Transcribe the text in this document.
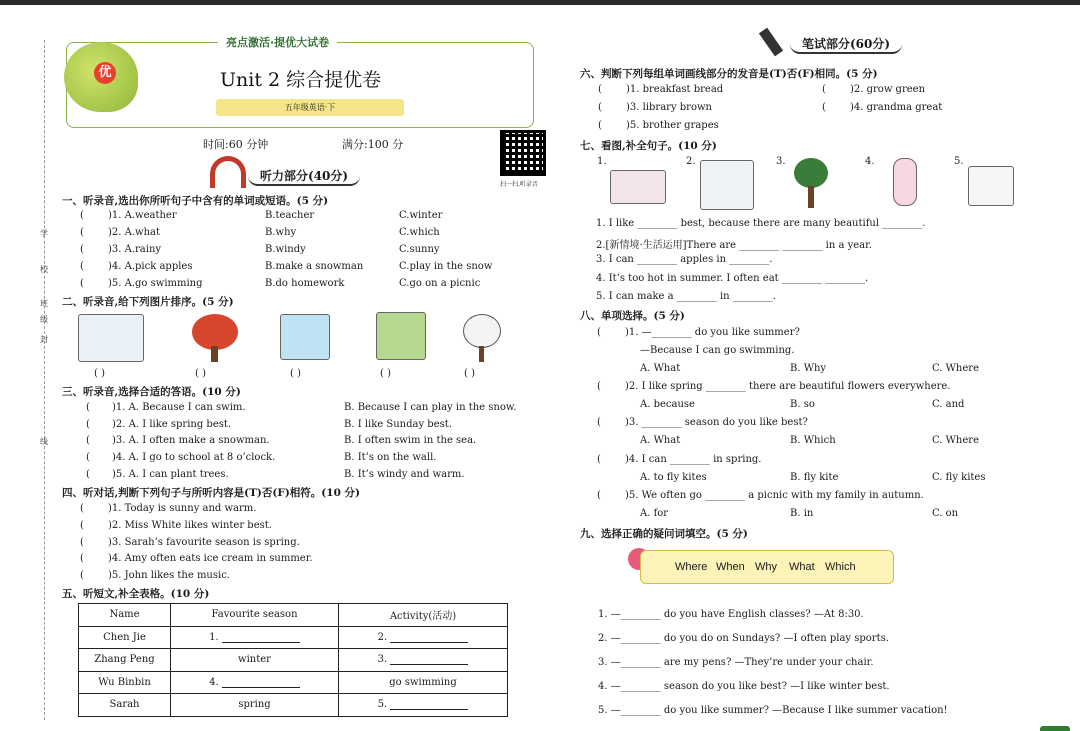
学
校
班
级
封
线
优
亮点激活·提优大试卷
Unit 2 综合提优卷
五年级英语·下
时间:60 分钟	满分:100 分
扫一扫,听录音
听力部分(40分)
一、听录音,选出你所听句子中含有的单词或短语。(5 分)
( )1. A.weather	B.teacher	C.winter
( )2. A.what	B.why	C.which
( )3. A.rainy	B.windy	C.sunny
( )4. A.pick apples	B.make a snowman	C.play in the snow
( )5. A.go swimming	B.do homework	C.go on a picnic
二、听录音,给下列图片排序。(5 分)
( )	( )	( )	( )	( )
三、听录音,选择合适的答语。(10 分)
( )1. A. Because I can swim.	B. Because I can play in the snow.
( )2. A. I like spring best.	B. I like Sunday best.
( )3. A. I often make a snowman.	B. I often swim in the sea.
( )4. A. I go to school at 8 o’clock.	B. It’s on the wall.
( )5. A. I can plant trees.	B. It’s windy and warm.
四、听对话,判断下列句子与所听内容是(T)否(F)相符。(10 分)
( )1. Today is sunny and warm.
( )2. Miss White likes winter best.
( )3. Sarah’s favourite season is spring.
( )4. Amy often eats ice cream in summer.
( )5. John likes the music.
五、听短文,补全表格。(10 分)
Name	Favourite season	Activity(活动)
Chen Jie	1.	2.
Zhang Peng	winter	3.
Wu Binbin	4.	go swimming
Sarah	spring	5.
笔试部分(60分)
六、判断下列每组单词画线部分的发音是(T)否(F)相同。(5 分)
( )1. breakfast bread	( )2. grow green
( )3. library brown	( )4. grandma great
( )5. brother grapes
七、看图,补全句子。(10 分)
1.	2.	3.	4.	5.
1. I like ________ best, because there are many beautiful ________.
2.[新情境·生活运用]There are ________ ________ in a year.
3. I can ________ apples in ________.
4. It’s too hot in summer. I often eat ________ ________.
5. I can make a ________ in ________.
八、单项选择。(5 分)
( )1. —________ do you like summer?
—Because I can go swimming.
A. What	B. Why	C. Where
( )2. I like spring ________ there are beautiful flowers everywhere.
A. because	B. so	C. and
( )3. ________ season do you like best?
A. What	B. Which	C. Where
( )4. I can ________ in spring.
A. to fly kites	B. fly kite	C. fly kites
( )5. We often go ________ a picnic with my family in autumn.
A. for	B. in	C. on
九、选择正确的疑问词填空。(5 分)
Where When Why What Which
1. —________ do you have English classes? —At 8:30.
2. —________ do you do on Sundays? —I often play sports.
3. —________ are my pens? —They’re under your chair.
4. —________ season do you like best? —I like winter best.
5. —________ do you like summer? —Because I like summer vacation!
